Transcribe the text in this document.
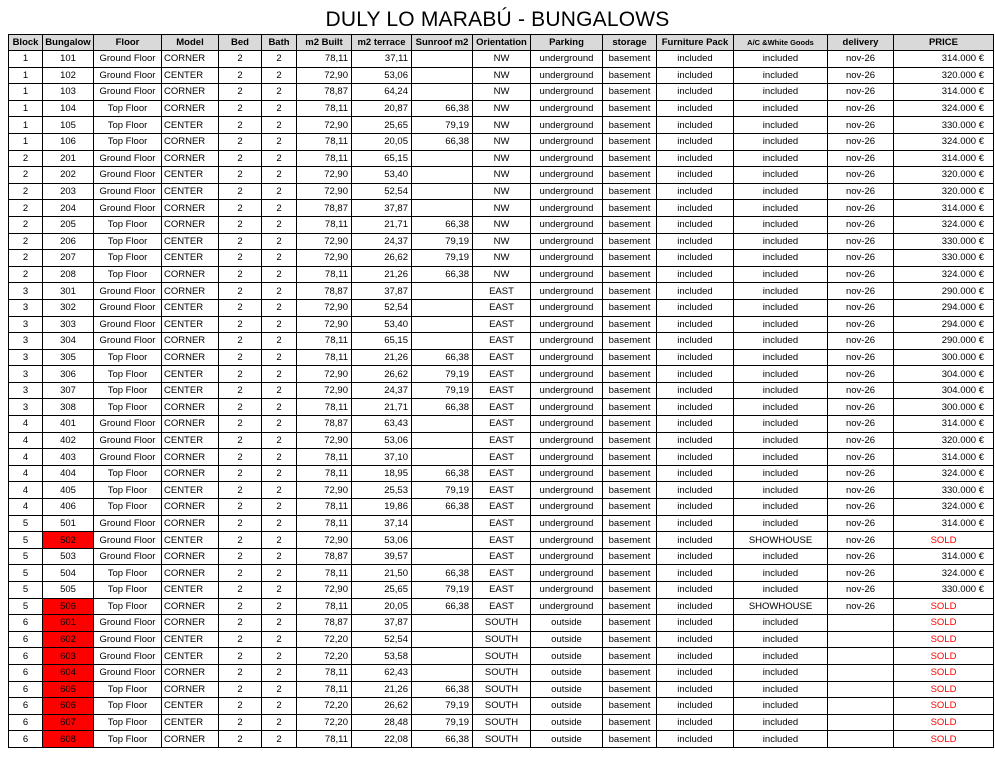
DULY LO MARABÚ - BUNGALOWS
Block	Bungalow	Floor	Model	Bed	Bath	m2 Built	m2 terrace	Sunroof m2	Orientation	Parking	storage	Furniture Pack	A/C &White Goods	delivery	PRICE
1	101	Ground Floor	CORNER	2	2	78,11	37,11		NW	underground	basement	included	included	nov-26	314.000 €
1	102	Ground Floor	CENTER	2	2	72,90	53,06		NW	underground	basement	included	included	nov-26	320.000 €
1	103	Ground Floor	CORNER	2	2	78,87	64,24		NW	underground	basement	included	included	nov-26	314.000 €
1	104	Top Floor	CORNER	2	2	78,11	20,87	66,38	NW	underground	basement	included	included	nov-26	324.000 €
1	105	Top Floor	CENTER	2	2	72,90	25,65	79,19	NW	underground	basement	included	included	nov-26	330.000 €
1	106	Top Floor	CORNER	2	2	78,11	20,05	66,38	NW	underground	basement	included	included	nov-26	324.000 €
2	201	Ground Floor	CORNER	2	2	78,11	65,15		NW	underground	basement	included	included	nov-26	314.000 €
2	202	Ground Floor	CENTER	2	2	72,90	53,40		NW	underground	basement	included	included	nov-26	320.000 €
2	203	Ground Floor	CENTER	2	2	72,90	52,54		NW	underground	basement	included	included	nov-26	320.000 €
2	204	Ground Floor	CORNER	2	2	78,87	37,87		NW	underground	basement	included	included	nov-26	314.000 €
2	205	Top Floor	CORNER	2	2	78,11	21,71	66,38	NW	underground	basement	included	included	nov-26	324.000 €
2	206	Top Floor	CENTER	2	2	72,90	24,37	79,19	NW	underground	basement	included	included	nov-26	330.000 €
2	207	Top Floor	CENTER	2	2	72,90	26,62	79,19	NW	underground	basement	included	included	nov-26	330.000 €
2	208	Top Floor	CORNER	2	2	78,11	21,26	66,38	NW	underground	basement	included	included	nov-26	324.000 €
3	301	Ground Floor	CORNER	2	2	78,87	37,87		EAST	underground	basement	included	included	nov-26	290.000 €
3	302	Ground Floor	CENTER	2	2	72,90	52,54		EAST	underground	basement	included	included	nov-26	294.000 €
3	303	Ground Floor	CENTER	2	2	72,90	53,40		EAST	underground	basement	included	included	nov-26	294.000 €
3	304	Ground Floor	CORNER	2	2	78,11	65,15		EAST	underground	basement	included	included	nov-26	290.000 €
3	305	Top Floor	CORNER	2	2	78,11	21,26	66,38	EAST	underground	basement	included	included	nov-26	300.000 €
3	306	Top Floor	CENTER	2	2	72,90	26,62	79,19	EAST	underground	basement	included	included	nov-26	304.000 €
3	307	Top Floor	CENTER	2	2	72,90	24,37	79,19	EAST	underground	basement	included	included	nov-26	304.000 €
3	308	Top Floor	CORNER	2	2	78,11	21,71	66,38	EAST	underground	basement	included	included	nov-26	300.000 €
4	401	Ground Floor	CORNER	2	2	78,87	63,43		EAST	underground	basement	included	included	nov-26	314.000 €
4	402	Ground Floor	CENTER	2	2	72,90	53,06		EAST	underground	basement	included	included	nov-26	320.000 €
4	403	Ground Floor	CORNER	2	2	78,11	37,10		EAST	underground	basement	included	included	nov-26	314.000 €
4	404	Top Floor	CORNER	2	2	78,11	18,95	66,38	EAST	underground	basement	included	included	nov-26	324.000 €
4	405	Top Floor	CENTER	2	2	72,90	25,53	79,19	EAST	underground	basement	included	included	nov-26	330.000 €
4	406	Top Floor	CORNER	2	2	78,11	19,86	66,38	EAST	underground	basement	included	included	nov-26	324.000 €
5	501	Ground Floor	CORNER	2	2	78,11	37,14		EAST	underground	basement	included	included	nov-26	314.000 €
5	502	Ground Floor	CENTER	2	2	72,90	53,06		EAST	underground	basement	included	SHOWHOUSE	nov-26	SOLD
5	503	Ground Floor	CORNER	2	2	78,87	39,57		EAST	underground	basement	included	included	nov-26	314.000 €
5	504	Top Floor	CORNER	2	2	78,11	21,50	66,38	EAST	underground	basement	included	included	nov-26	324.000 €
5	505	Top Floor	CENTER	2	2	72,90	25,65	79,19	EAST	underground	basement	included	included	nov-26	330.000 €
5	506	Top Floor	CORNER	2	2	78,11	20,05	66,38	EAST	underground	basement	included	SHOWHOUSE	nov-26	SOLD
6	601	Ground Floor	CORNER	2	2	78,87	37,87		SOUTH	outside	basement	included	included		SOLD
6	602	Ground Floor	CENTER	2	2	72,20	52,54		SOUTH	outside	basement	included	included		SOLD
6	603	Ground Floor	CENTER	2	2	72,20	53,58		SOUTH	outside	basement	included	included		SOLD
6	604	Ground Floor	CORNER	2	2	78,11	62,43		SOUTH	outside	basement	included	included		SOLD
6	605	Top Floor	CORNER	2	2	78,11	21,26	66,38	SOUTH	outside	basement	included	included		SOLD
6	606	Top Floor	CENTER	2	2	72,20	26,62	79,19	SOUTH	outside	basement	included	included		SOLD
6	607	Top Floor	CENTER	2	2	72,20	28,48	79,19	SOUTH	outside	basement	included	included		SOLD
6	608	Top Floor	CORNER	2	2	78,11	22,08	66,38	SOUTH	outside	basement	included	included		SOLD
